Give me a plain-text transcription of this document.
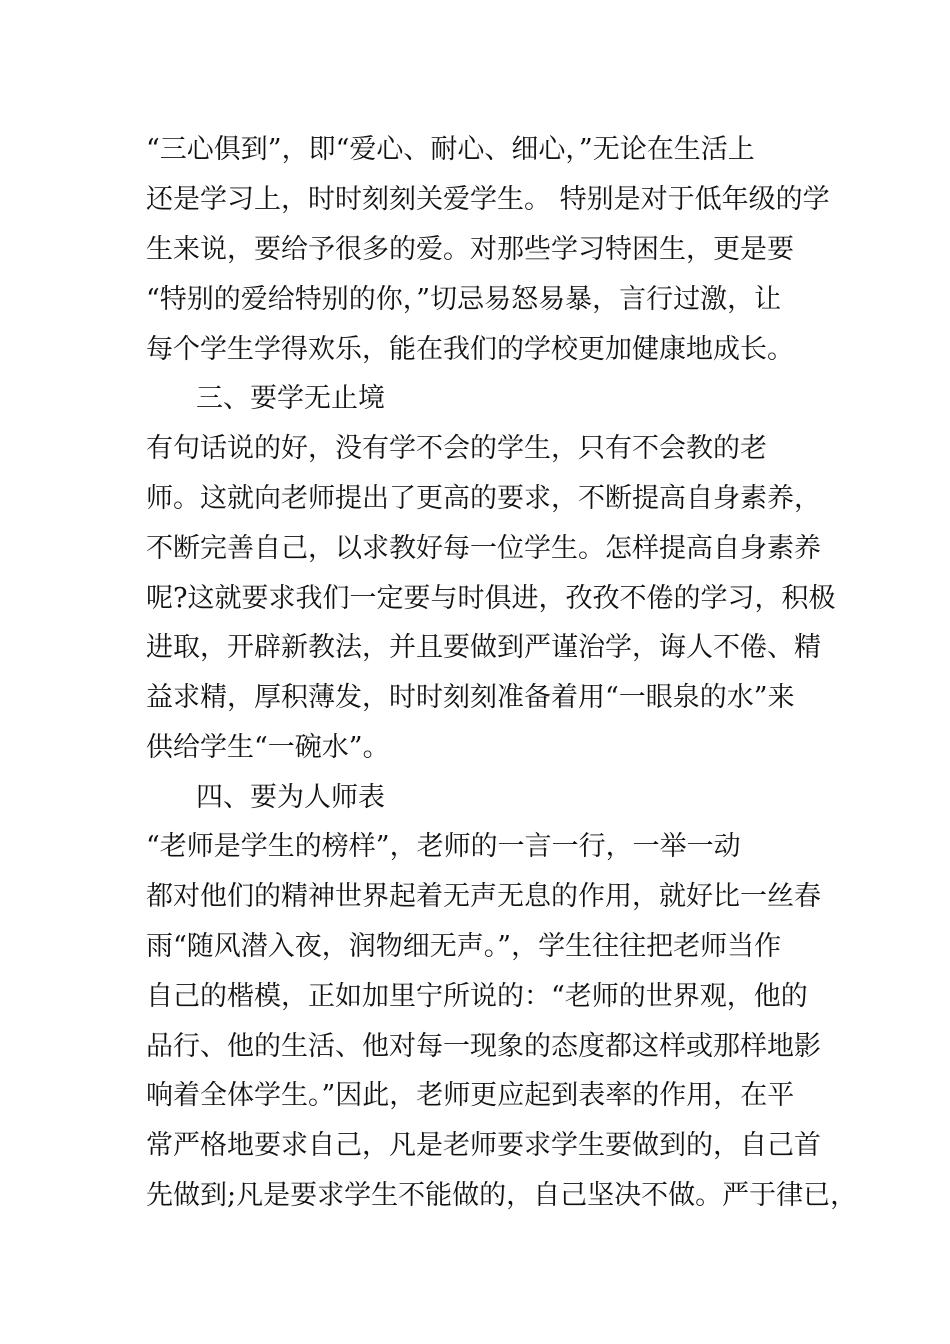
“三心俱到”，即“爱心、耐心、细心，”无论在生活上
还是学习上，时时刻刻关爱学生。 特别是对于低年级的学
生来说，要给予很多的爱。对那些学习特困生，更是要
“特别的爱给特别的你，”切忌易怒易暴，言行过激，让
每个学生学得欢乐，能在我们的学校更加健康地成长。
三、要学无止境
有句话说的好，没有学不会的学生，只有不会教的老
师。这就向老师提出了更高的要求，不断提高自身素养，
不断完善自己，以求教好每一位学生。怎样提高自身素养
呢?这就要求我们一定要与时俱进，孜孜不倦的学习，积极
进取，开辟新教法，并且要做到严谨治学，诲人不倦、精
益求精，厚积薄发，时时刻刻准备着用“一眼泉的水”来
供给学生“一碗水”。
四、要为人师表
“老师是学生的榜样”，老师的一言一行，一举一动
都对他们的精神世界起着无声无息的作用，就好比一丝春
雨“随风潜入夜，润物细无声。”，学生往往把老师当作
自己的楷模，正如加里宁所说的：“老师的世界观，他的
品行、他的生活、他对每一现象的态度都这样或那样地影
响着全体学生。”因此，老师更应起到表率的作用，在平
常严格地要求自己，凡是老师要求学生要做到的，自己首
先做到;凡是要求学生不能做的，自己坚决不做。严于律已，
